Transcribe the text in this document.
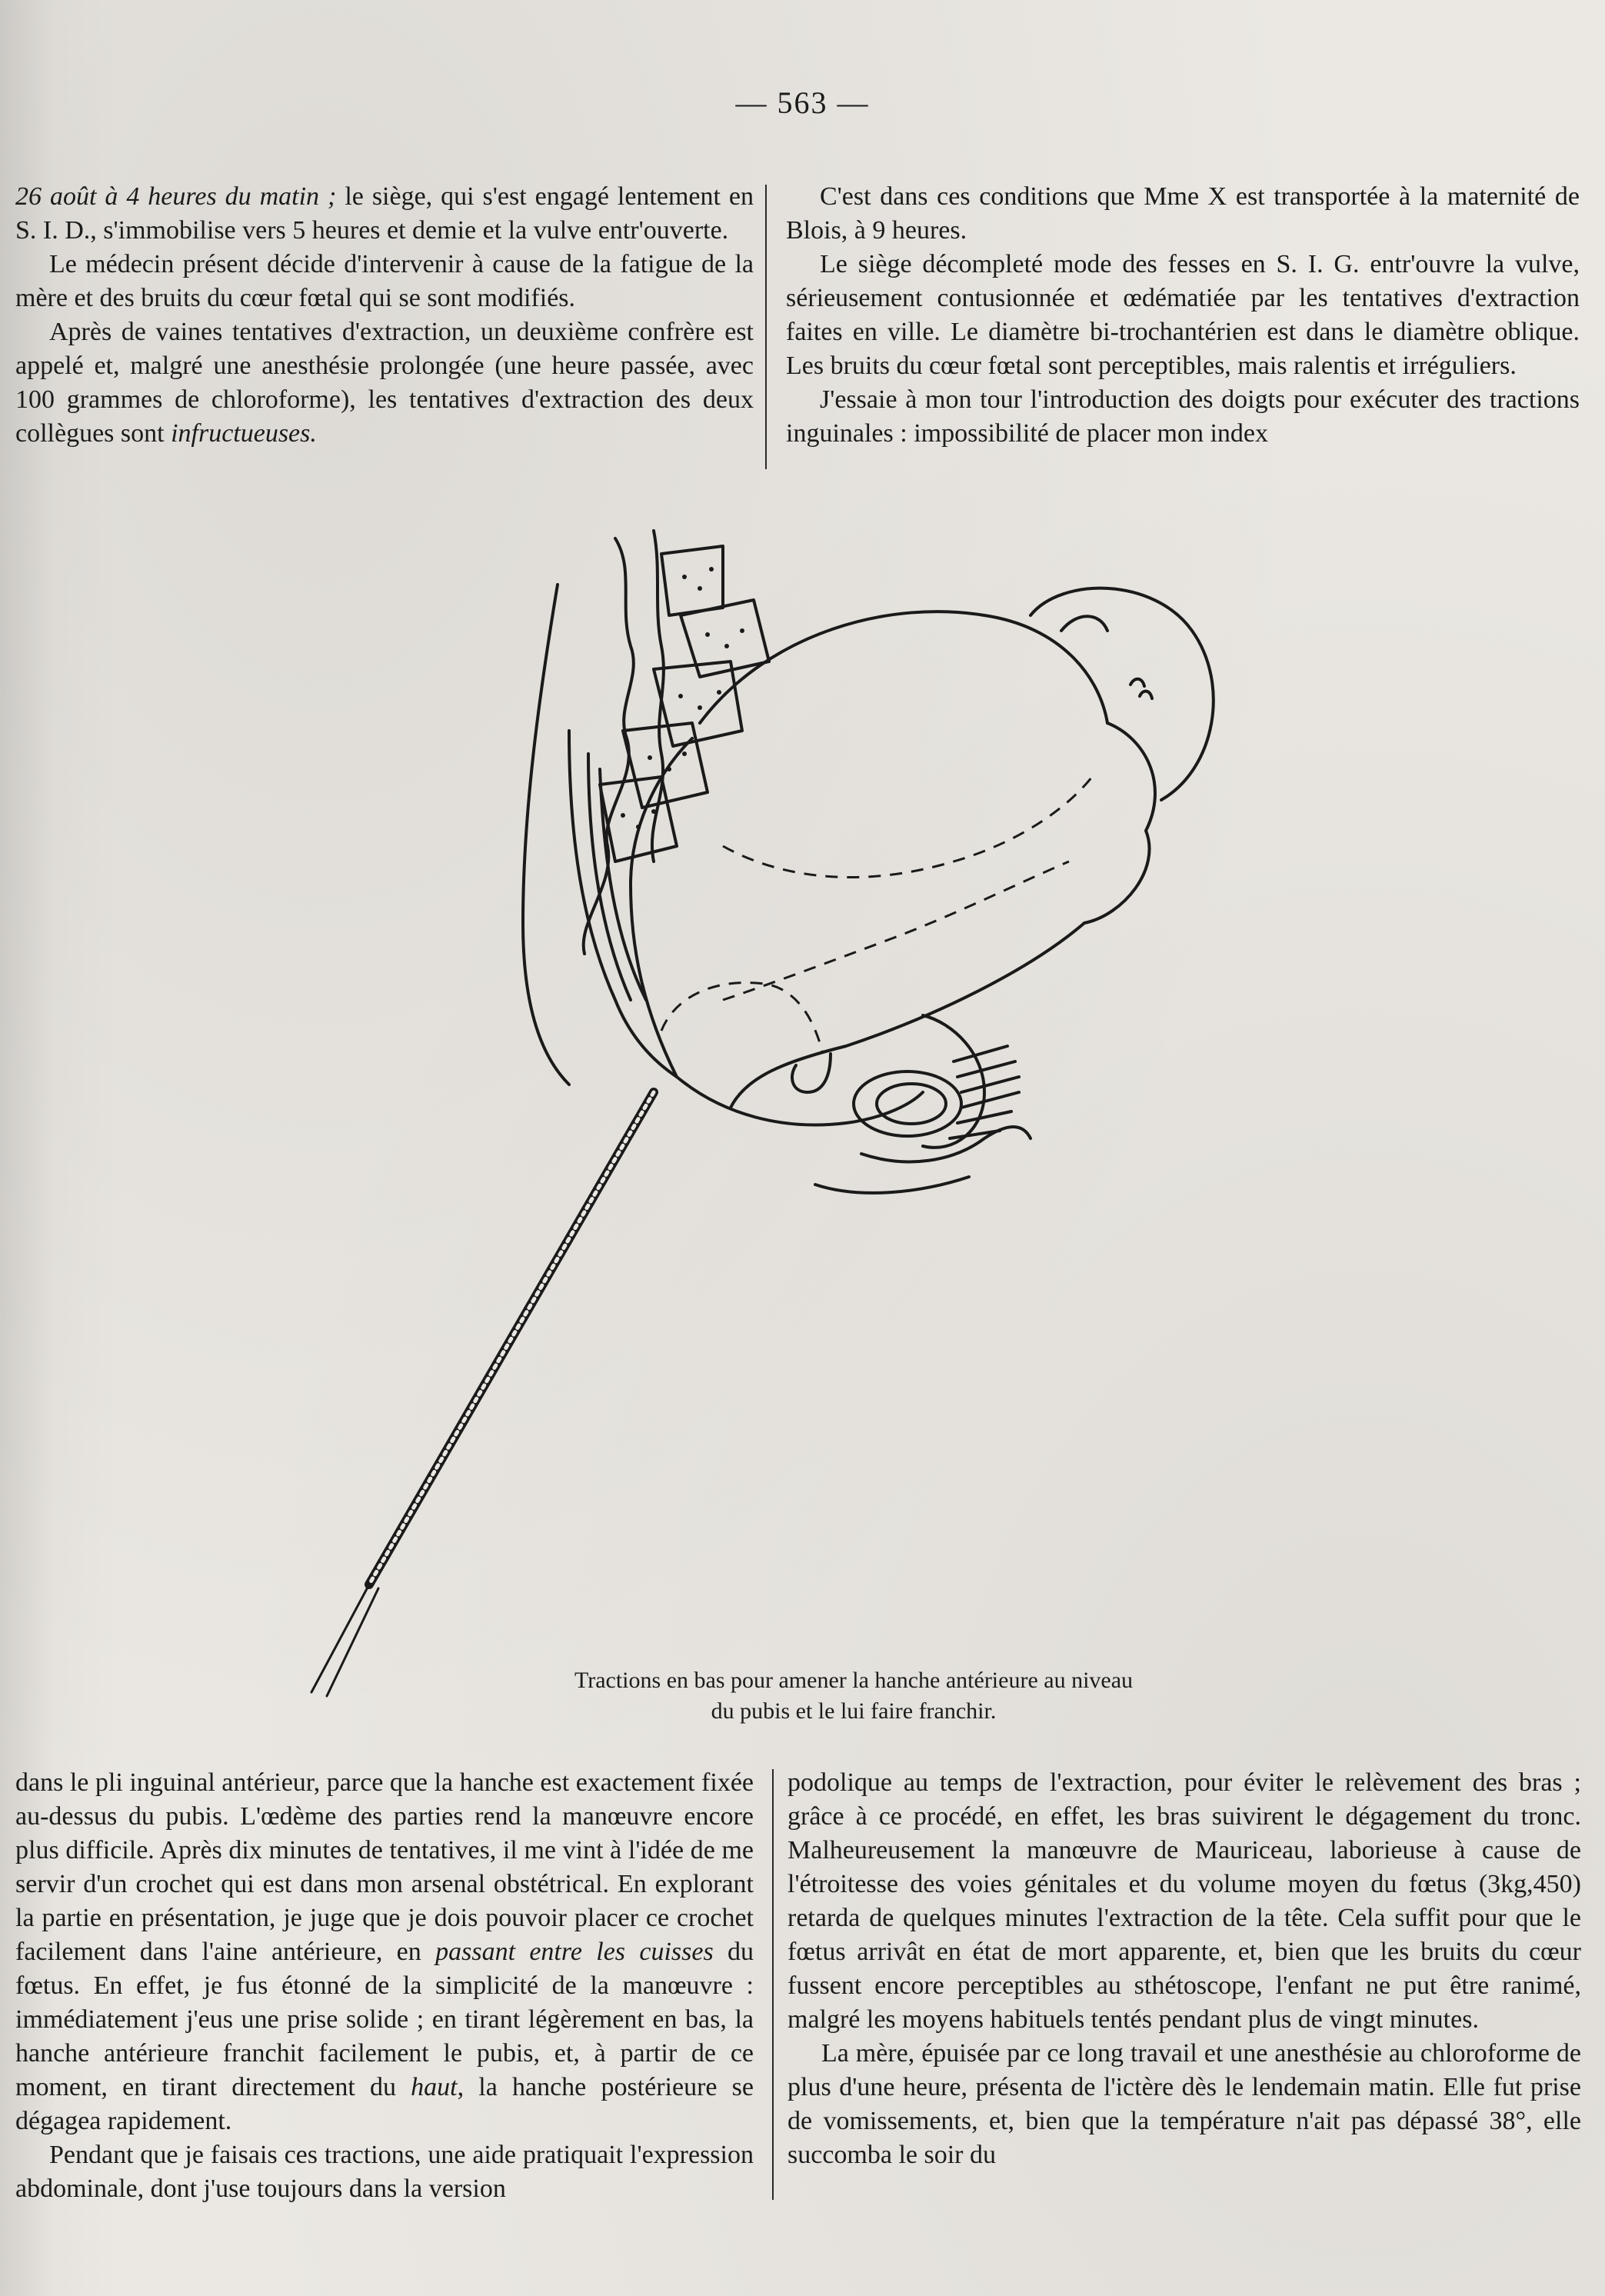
— 563 —

26 août à 4 heures du matin ; le siège, qui s'est engagé lentement en S. I. D., s'immobilise vers 5 heures et demie et la vulve entr'ouverte.

Le médecin présent décide d'intervenir à cause de la fatigue de la mère et des bruits du cœur fœtal qui se sont modifiés.

Après de vaines tentatives d'extraction, un deuxième confrère est appelé et, malgré une anesthésie prolongée (une heure passée, avec 100 grammes de chloroforme), les tentatives d'extraction des deux collègues sont infructueuses.

C'est dans ces conditions que Mme X est transportée à la maternité de Blois, à 9 heures.

Le siège décompleté mode des fesses en S. I. G. entr'ouvre la vulve, sérieusement contusionnée et œdématiée par les tentatives d'extraction faites en ville. Le diamètre bi-trochantérien est dans le diamètre oblique. Les bruits du cœur fœtal sont perceptibles, mais ralentis et irréguliers.

J'essaie à mon tour l'introduction des doigts pour exécuter des tractions inguinales : impossibilité de placer mon index

Tractions en bas pour amener la hanche antérieure au niveau
du pubis et le lui faire franchir.

dans le pli inguinal antérieur, parce que la hanche est exactement fixée au-dessus du pubis. L'œdème des parties rend la manœuvre encore plus difficile. Après dix minutes de tentatives, il me vint à l'idée de me servir d'un crochet qui est dans mon arsenal obstétrical. En explorant la partie en présentation, je juge que je dois pouvoir placer ce crochet facilement dans l'aine antérieure, en passant entre les cuisses du fœtus. En effet, je fus étonné de la simplicité de la manœuvre : immédiatement j'eus une prise solide ; en tirant légèrement en bas, la hanche antérieure franchit facilement le pubis, et, à partir de ce moment, en tirant directement du haut, la hanche postérieure se dégagea rapidement.

Pendant que je faisais ces tractions, une aide pratiquait l'expression abdominale, dont j'use toujours dans la version

podolique au temps de l'extraction, pour éviter le relèvement des bras ; grâce à ce procédé, en effet, les bras suivirent le dégagement du tronc. Malheureusement la manœuvre de Mauriceau, laborieuse à cause de l'étroitesse des voies génitales et du volume moyen du fœtus (3kg,450) retarda de quelques minutes l'extraction de la tête. Cela suffit pour que le fœtus arrivât en état de mort apparente, et, bien que les bruits du cœur fussent encore perceptibles au sthétoscope, l'enfant ne put être ranimé, malgré les moyens habituels tentés pendant plus de vingt minutes.

La mère, épuisée par ce long travail et une anesthésie au chloroforme de plus d'une heure, présenta de l'ictère dès le lendemain matin. Elle fut prise de vomissements, et, bien que la température n'ait pas dépassé 38°, elle succomba le soir du
